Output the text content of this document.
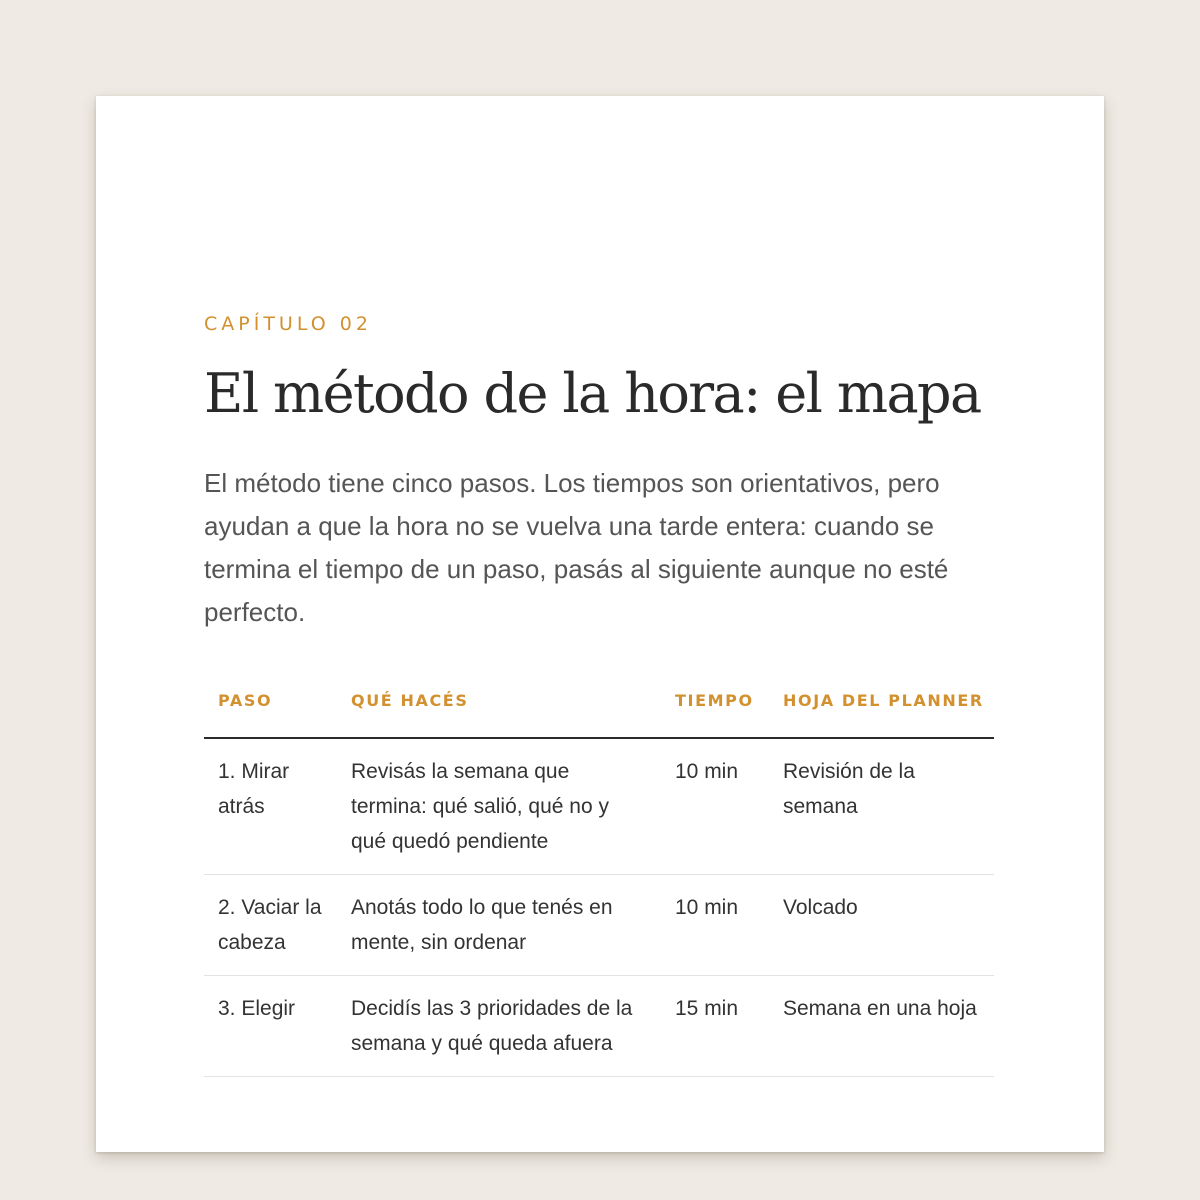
CAPÍTULO 02

El método de la hora: el mapa

El método tiene cinco pasos. Los tiempos son orientativos, pero ayudan a que la hora no se vuelva una tarde entera: cuando se termina el tiempo de un paso, pasás al siguiente aunque no esté perfecto.

PASO	QUÉ HACÉS	TIEMPO	HOJA DEL PLANNER
1. Mirar atrás	Revisás la semana que termina: qué salió, qué no y qué quedó pendiente	10 min	Revisión de la semana
2. Vaciar la cabeza	Anotás todo lo que tenés en mente, sin ordenar	10 min	Volcado
3. Elegir	Decidís las 3 prioridades de la semana y qué queda afuera	15 min	Semana en una hoja
